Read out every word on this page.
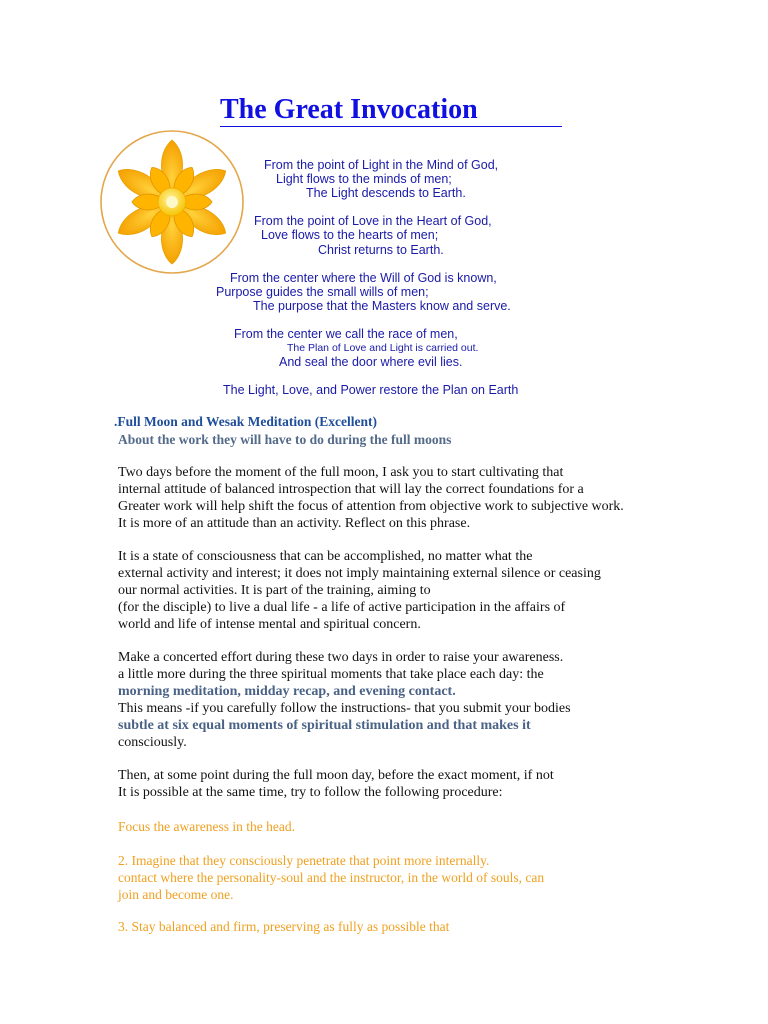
The Great Invocation
From the point of Light in the Mind of God,
Light flows to the minds of men;
The Light descends to Earth.
From the point of Love in the Heart of God,
Love flows to the hearts of men;
Christ returns to Earth.
From the center where the Will of God is known,
Purpose guides the small wills of men;
The purpose that the Masters know and serve.
From the center we call the race of men,
The Plan of Love and Light is carried out.
And seal the door where evil lies.
The Light, Love, and Power restore the Plan on Earth
.Full Moon and Wesak Meditation (Excellent)
About the work they will have to do during the full moons
Two days before the moment of the full moon, I ask you to start cultivating that
internal attitude of balanced introspection that will lay the correct foundations for a
Greater work will help shift the focus of attention from objective work to subjective work.
It is more of an attitude than an activity. Reflect on this phrase.
It is a state of consciousness that can be accomplished, no matter what the
external activity and interest; it does not imply maintaining external silence or ceasing
our normal activities. It is part of the training, aiming to
(for the disciple) to live a dual life - a life of active participation in the affairs of
world and life of intense mental and spiritual concern.
Make a concerted effort during these two days in order to raise your awareness.
a little more during the three spiritual moments that take place each day: the
morning meditation, midday recap, and evening contact.
This means -if you carefully follow the instructions- that you submit your bodies
subtle at six equal moments of spiritual stimulation and that makes it
consciously.
Then, at some point during the full moon day, before the exact moment, if not
It is possible at the same time, try to follow the following procedure:
Focus the awareness in the head.
2. Imagine that they consciously penetrate that point more internally.
contact where the personality-soul and the instructor, in the world of souls, can
join and become one.
3. Stay balanced and firm, preserving as fully as possible that
